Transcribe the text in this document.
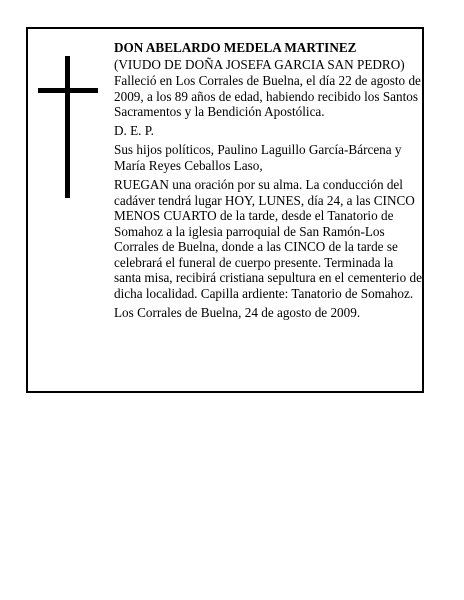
DON ABELARDO MEDELA MARTINEZ

(VIUDO DE DOÑA JOSEFA GARCIA SAN PEDRO)

Falleció en Los Corrales de Buelna, el día 22 de agosto de 2009, a los 89 años de edad, habiendo recibido los Santos Sacramentos y la Bendición Apostólica.

D. E. P.

Sus hijos políticos, Paulino Laguillo García-Bárcena y María Reyes Ceballos Laso,

RUEGAN una oración por su alma. La conducción del cadáver tendrá lugar HOY, LUNES, día 24, a las CINCO MENOS CUARTO de la tarde, desde el Tanatorio de Somahoz a la iglesia parroquial de San Ramón-Los Corrales de Buelna, donde a las CINCO de la tarde se celebrará el funeral de cuerpo presente. Terminada la santa misa, recibirá cristiana sepultura en el cementerio de dicha localidad. Capilla ardiente: Tanatorio de Somahoz.

Los Corrales de Buelna, 24 de agosto de 2009.
